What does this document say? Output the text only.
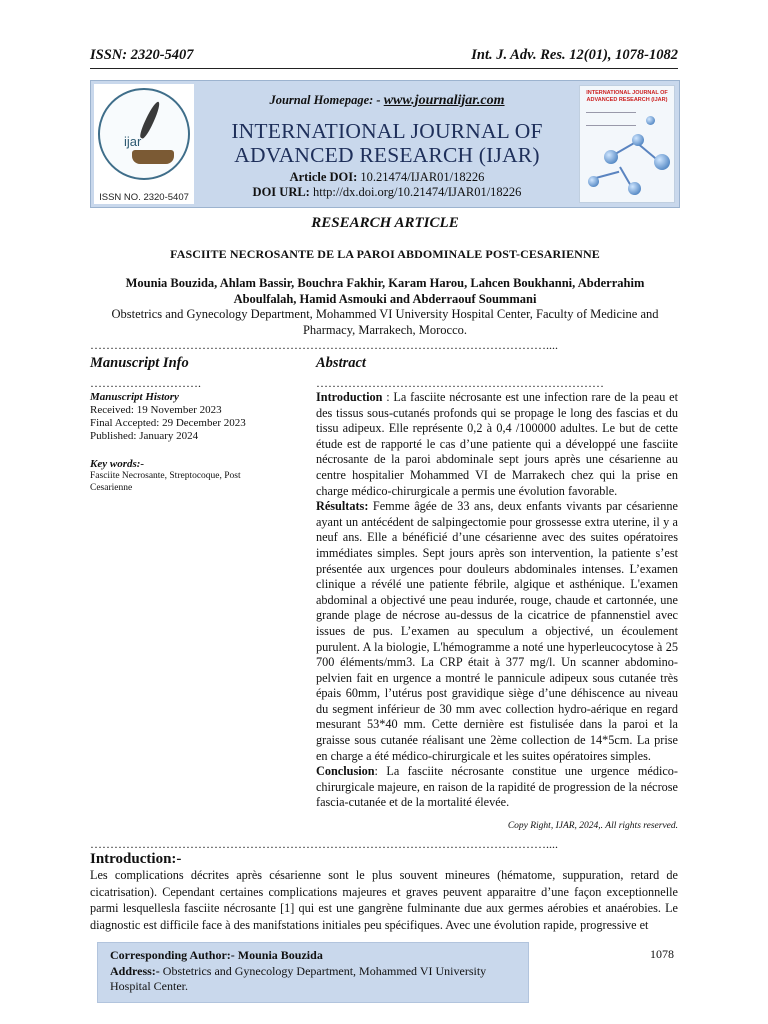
ISSN: 2320-5407	Int. J. Adv. Res. 12(01), 1078-1082
ijar
ISSN NO. 2320-5407
Journal Homepage: - www.journalijar.com
INTERNATIONAL JOURNAL OF
ADVANCED RESEARCH (IJAR)
Article DOI: 10.21474/IJAR01/18226
DOI URL: http://dx.doi.org/10.21474/IJAR01/18226
INTERNATIONAL JOURNAL OF ADVANCED RESEARCH (IJAR)
RESEARCH ARTICLE
FASCIITE NECROSANTE DE LA PAROI ABDOMINALE POST-CESARIENNE
Mounia Bouzida, Ahlam Bassir, Bouchra Fakhir, Karam Harou, Lahcen Boukhanni, Abderrahim Aboulfalah, Hamid Asmouki and Abderraouf Soummani
Obstetrics and Gynecology Department, Mohammed VI University Hospital Center, Faculty of Medicine and Pharmacy, Marrakech, Morocco.
……………………………………………………………………………………………………....
Manuscript Info	Abstract
……………………….	………………………………………………………………
Manuscript History
Received: 19 November 2023
Final Accepted: 29 December 2023
Published: January 2024
Key words:-
Fasciite Necrosante, Streptocoque, Post Cesarienne

Introduction : La fasciite nécrosante est une infection rare de la peau et des tissus sous-cutanés profonds qui se propage le long des fascias et du tissu adipeux. Elle représente 0,2 à 0,4 /100000 adultes. Le but de cette étude est de rapporté le cas d’une patiente qui a développé une fasciite nécrosante de la paroi abdominale sept jours après une césarienne au centre hospitalier Mohammed VI de Marrakech chez qui la prise en charge médico-chirurgicale a permis une évolution favorable.

Résultats: Femme âgée de 33 ans, deux enfants vivants par césarienne ayant un antécédent de salpingectomie pour grossesse extra uterine, il y a neuf ans. Elle a bénéficié d’une césarienne avec des suites opératoires immédiates simples. Sept jours après son intervention, la patiente s’est présentée aux urgences pour douleurs abdominales intenses. L’examen clinique a révélé une patiente fébrile, algique et asthénique. L'examen abdominal a objectivé une peau indurée, rouge, chaude et cartonnée, une grande plage de nécrose au-dessus de la cicatrice de pfannenstiel avec issues de pus. L’examen au speculum a objectivé, un écoulement purulent. A la biologie, L'hémogramme a noté une hyperleucocytose à 25 700 éléments/mm3. La CRP était à 377 mg/l. Un scanner abdomino-pelvien fait en urgence a montré le pannicule adipeux sous cutanée très épais 60mm, l’utérus post gravidique siège d’une déhiscence au niveau du segment inférieur de 30 mm avec collection hydro-aérique en regard mesurant 53*40 mm. Cette dernière est fistulisée dans la paroi et la graisse sous cutanée réalisant une 2ème collection de 14*5cm. La prise en charge a été médico-chirurgicale et les suites opératoires simples.

Conclusion: La fasciite nécrosante constitue une urgence médico-chirurgicale majeure, en raison de la rapidité de progression de la nécrose fascia-cutanée et de la mortalité élevée.

Copy Right, IJAR, 2024,. All rights reserved.
……………………………………………………………………………………………………....
Introduction:-
Les complications décrites après césarienne sont le plus souvent mineures (hématome, suppuration, retard de cicatrisation). Cependant certaines complications majeures et graves peuvent apparaitre d’une façon exceptionnelle parmi lesquellesla fasciite nécrosante [1] qui est une gangrène fulminante due aux germes aérobies et anaérobies. Le diagnostic est difficile face à des manifstations initiales peu spécifiques. Avec une évolution rapide, progressive et
Corresponding Author:- Mounia Bouzida
Address:- Obstetrics and Gynecology Department, Mohammed VI University Hospital Center.
1078
